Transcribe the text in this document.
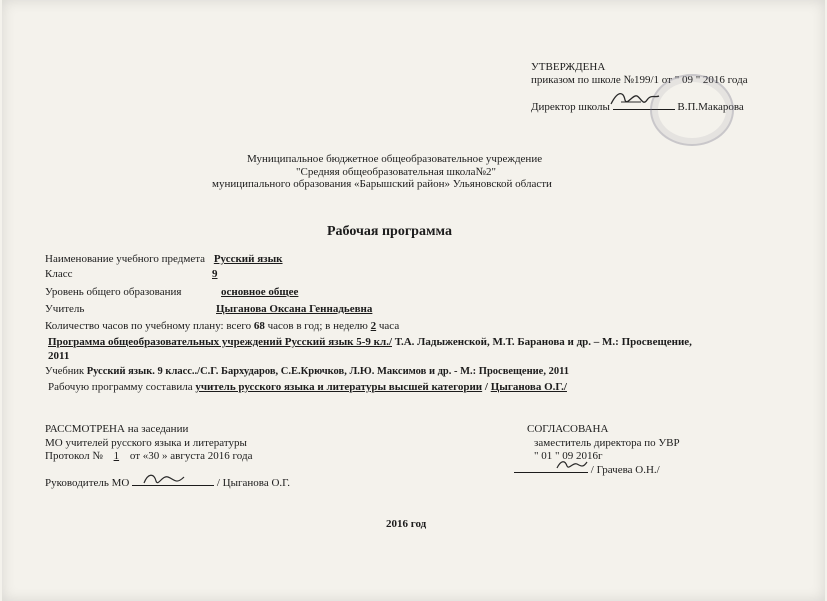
УТВЕРЖДЕНА
приказом по школе №199/1 от " 09 " 2016 года
Директор школы	В.П.Макарова
Муниципальное бюджетное общеобразовательное учреждение
"Средняя общеобразовательная школа№2"
муниципального образования «Барышский район» Ульяновской области
Рабочая программа
Наименование учебного предмета Русский язык
Класс	9
Уровень общего образования	основное общее
Учитель	Цыганова Оксана Геннадьевна
Количество часов по учебному плану: всего 68 часов в год; в неделю 2 часа
Программа общеобразовательных учреждений Русский язык 5-9 кл./ Т.А. Ладыженской, М.Т. Баранова и др. – М.: Просвещение,
2011
Учебник Русский язык. 9 класс../С.Г. Бархударов, С.Е.Крючков, Л.Ю. Максимов и др. - М.: Просвещение, 2011
Рабочую программу составила учитель русского языка и литературы высшей категории / Цыганова О.Г./
РАССМОТРЕНА на заседании
МО учителей русского языка и литературы
Протокол № 1 от «30 » августа 2016 года
Руководитель МО	/ Цыганова О.Г.
СОГЛАСОВАНА
заместитель директора по УВР
" 01 " 09 2016г
/ Грачева О.Н./
2016 год
